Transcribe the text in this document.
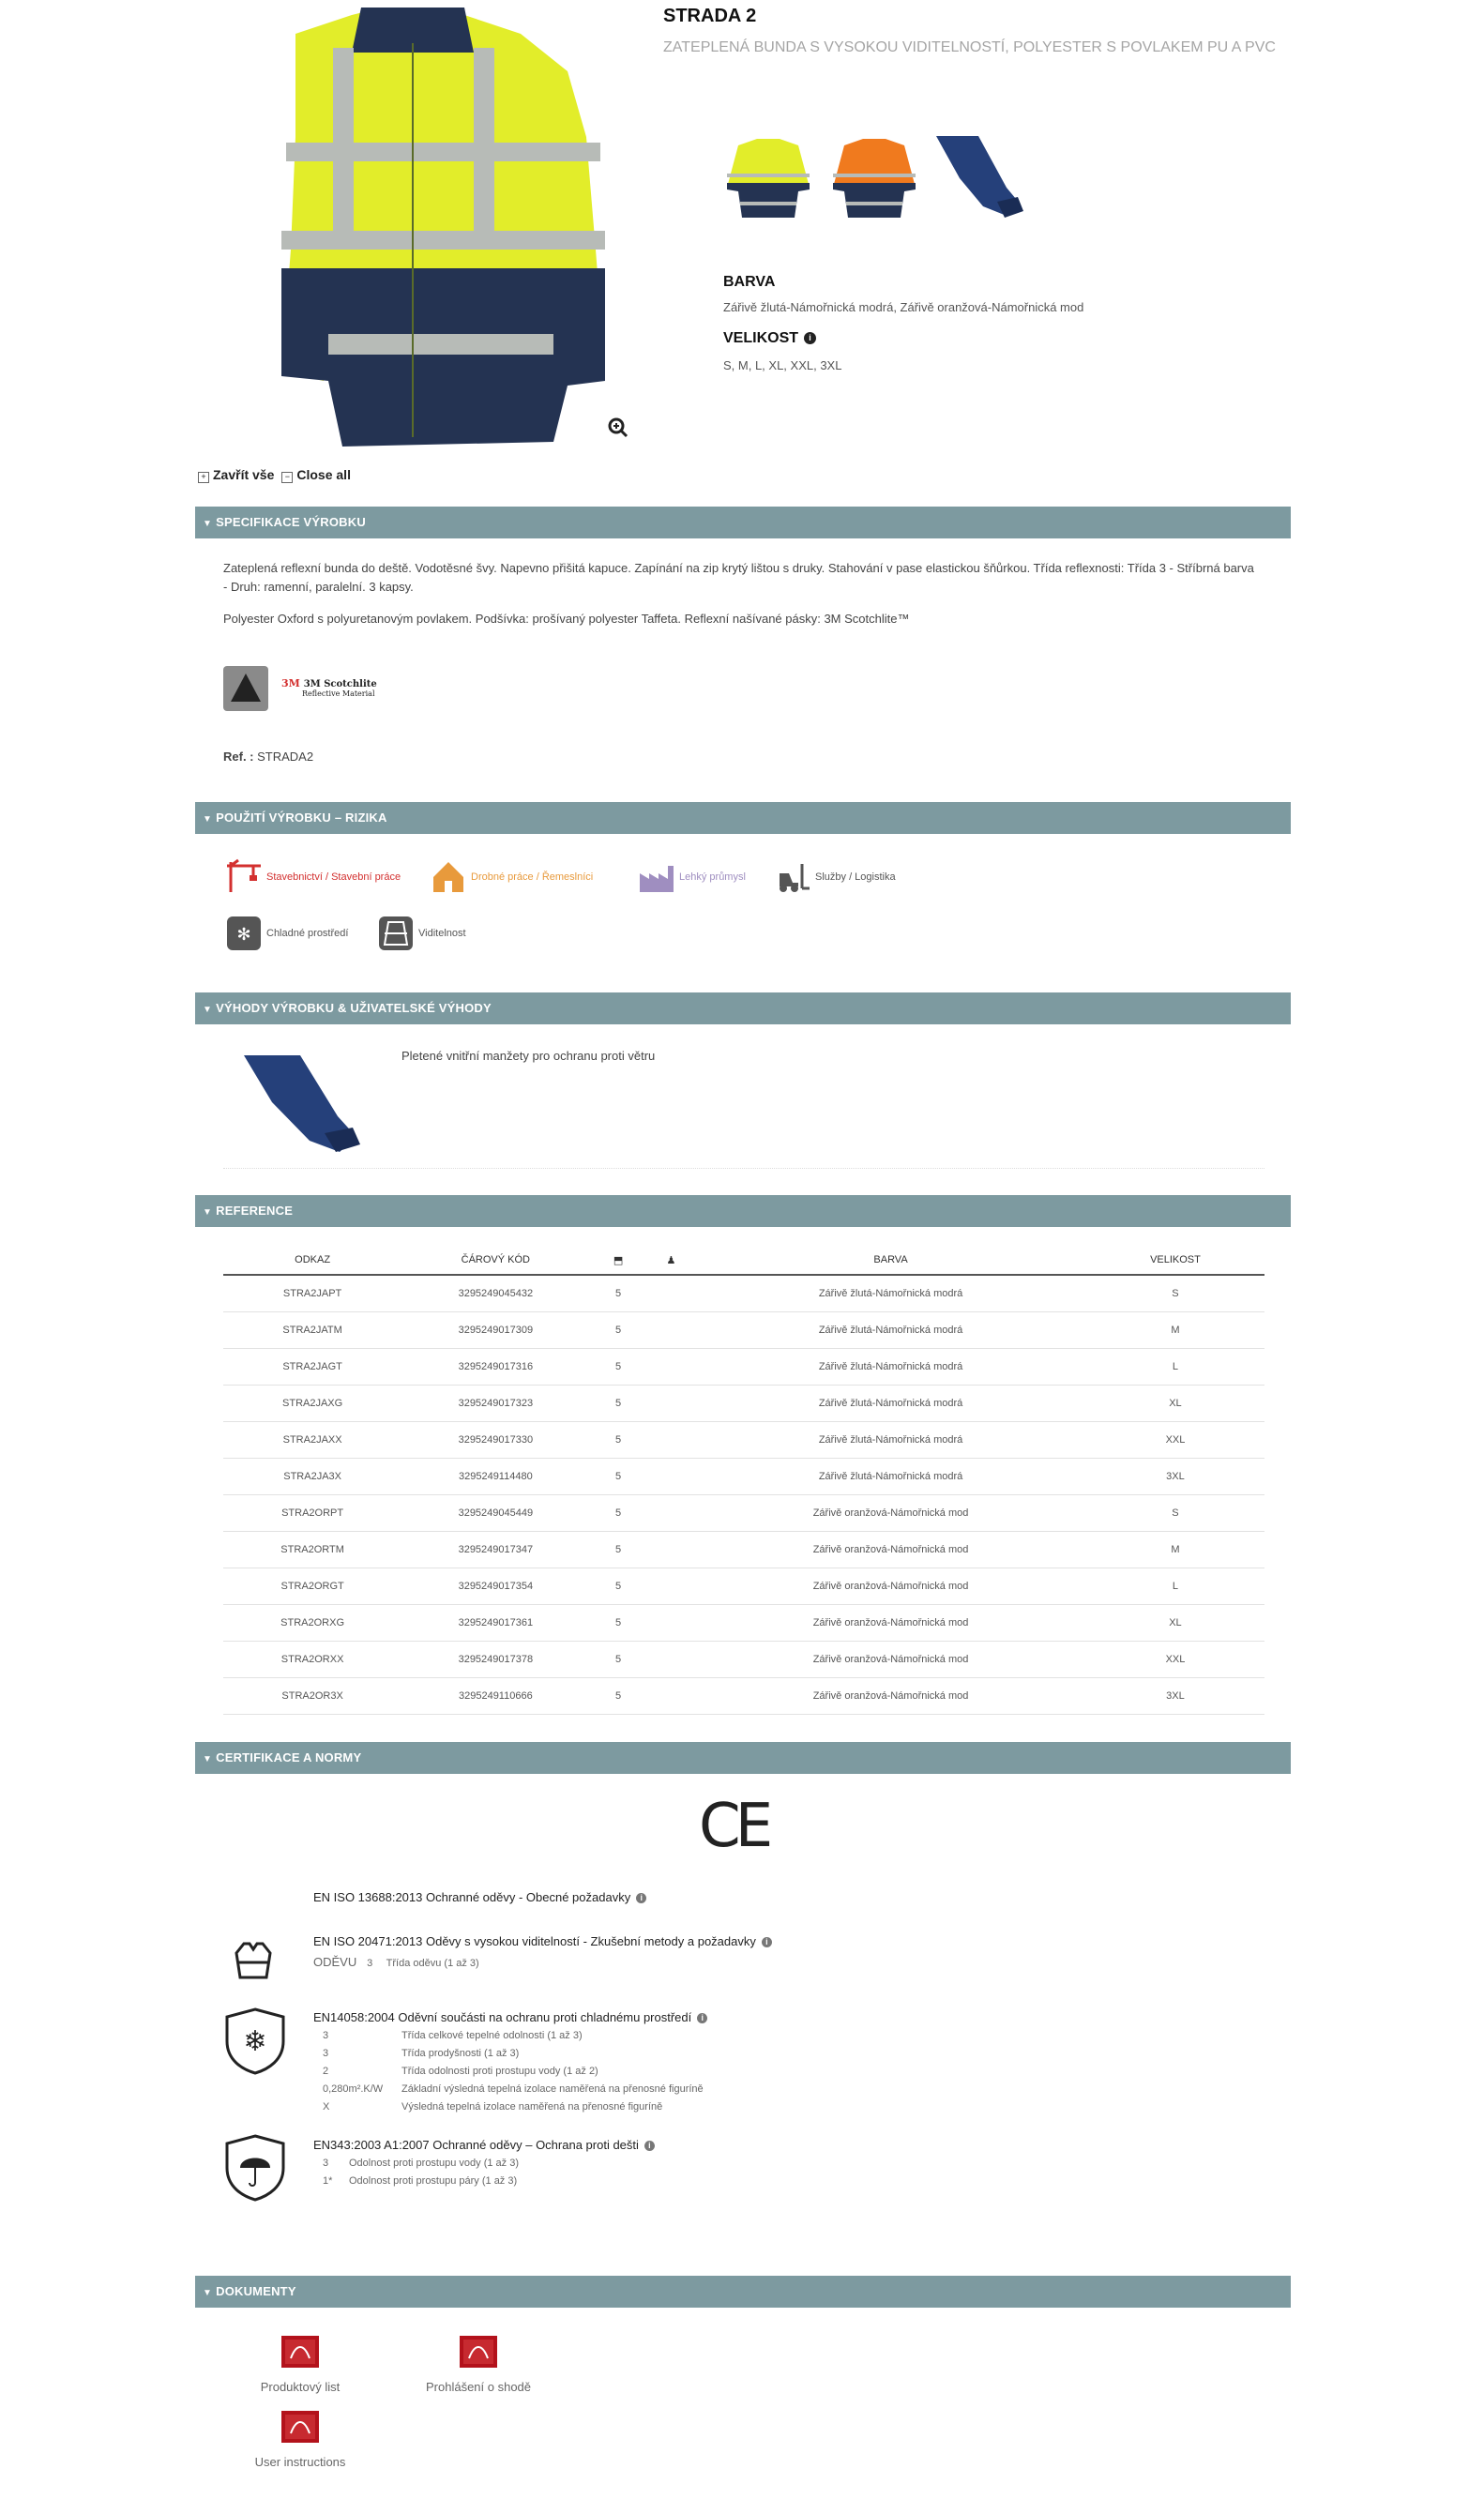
STRADA 2
ZATEPLENÁ BUNDA S VYSOKOU VIDITELNOSTÍ, POLYESTER S POVLAKEM PU A PVC
BARVA
Zářivě žlutá-Námořnická modrá, Zářivě oranžová-Námořnická mod
VELIKOST i
S, M, L, XL, XXL, 3XL
+ Zavřít vše	− Close all
▼ SPECIFIKACE VÝROBKU
Zateplená reflexní bunda do deště. Vodotěsné švy. Napevno přišitá kapuce. Zapínání na zip krytý lištou s druky. Stahování v pase elastickou šňůrkou. Třída reflexnosti: Třída 3 - Stříbrná barva - Druh: ramenní, paralelní. 3 kapsy.
Polyester Oxford s polyuretanovým povlakem. Podšívka: prošívaný polyester Taffeta. Reflexní našívané pásky: 3M Scotchlite™
3M 3M Scotchlite
Reflective Material
Ref. : STRADA2
▼ POUŽITÍ VÝROBKU – RIZIKA
Stavebnictví / Stavební práce	Drobné práce / Řemeslníci	Lehký průmysl	Služby / Logistika
✻ Chladné prostředí	Viditelnost
▼ VÝHODY VÝROBKU & UŽIVATELSKÉ VÝHODY
Pletené vnitřní manžety pro ochranu proti větru
▼ REFERENCE
ODKAZ	ČÁROVÝ KÓD	⬒	♟	BARVA	VELIKOST
STRA2JAPT	3295249045432	5		Zářivě žlutá-Námořnická modrá	S
STRA2JATM	3295249017309	5		Zářivě žlutá-Námořnická modrá	M
STRA2JAGT	3295249017316	5		Zářivě žlutá-Námořnická modrá	L
STRA2JAXG	3295249017323	5		Zářivě žlutá-Námořnická modrá	XL
STRA2JAXX	3295249017330	5		Zářivě žlutá-Námořnická modrá	XXL
STRA2JA3X	3295249114480	5		Zářivě žlutá-Námořnická modrá	3XL
STRA2ORPT	3295249045449	5		Zářivě oranžová-Námořnická mod	S
STRA2ORTM	3295249017347	5		Zářivě oranžová-Námořnická mod	M
STRA2ORGT	3295249017354	5		Zářivě oranžová-Námořnická mod	L
STRA2ORXG	3295249017361	5		Zářivě oranžová-Námořnická mod	XL
STRA2ORXX	3295249017378	5		Zářivě oranžová-Námořnická mod	XXL
STRA2OR3X	3295249110666	5		Zářivě oranžová-Námořnická mod	3XL
▼ CERTIFIKACE A NORMY
CE
EN ISO 13688:2013 Ochranné oděvy - Obecné požadavky i
EN ISO 20471:2013 Oděvy s vysokou viditelností - Zkušební metody a požadavky i
ODĚVU 3 Třída oděvu (1 až 3)
❄
EN14058:2004 Oděvní součásti na ochranu proti chladnému prostředí i
3	Třída celkové tepelné odolnosti (1 až 3)
3	Třída prodyšnosti (1 až 3)
2	Třída odolnosti proti prostupu vody (1 až 2)
0,280m².K/W Základní výsledná tepelná izolace naměřená na přenosné figuríně
X	Výsledná tepelná izolace naměřená na přenosné figuríně
EN343:2003 A1:2007 Ochranné oděvy – Ochrana proti dešti i
3 Odolnost proti prostupu vody (1 až 3)
1* Odolnost proti prostupu páry (1 až 3)
▼ DOKUMENTY
Produktový list	Prohlášení o shodě
User instructions
